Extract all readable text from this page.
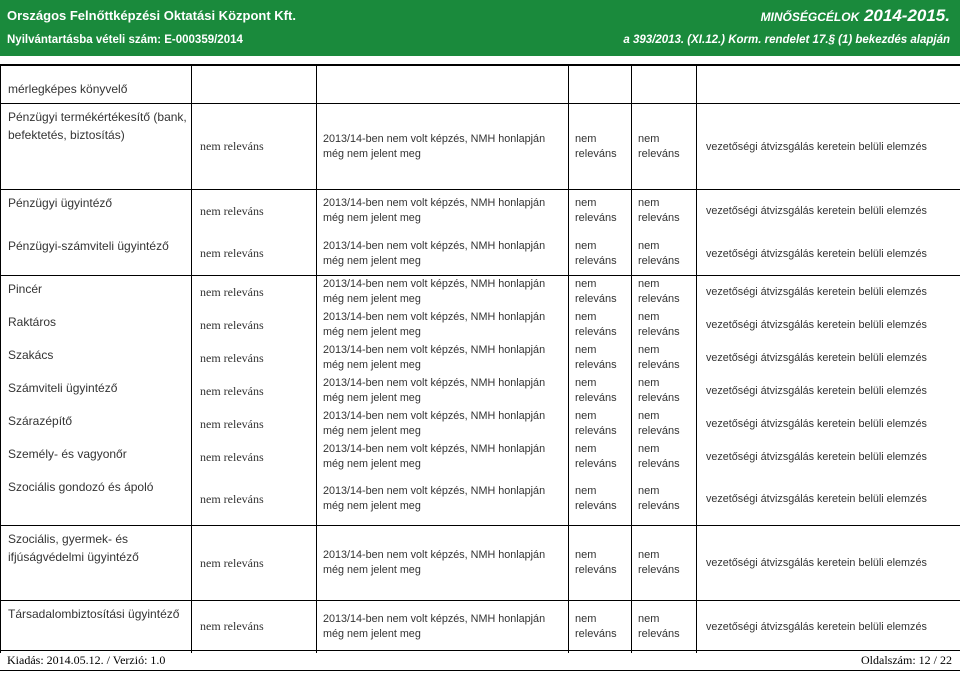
Országos Felnőttképzési Oktatási Központ Kft.
Nyilvántartásba vételi szám: E-000359/2014
MINŐSÉGCÉLOK 2014-2015.
a 393/2013. (XI.12.) Korm. rendelet 17.§ (1) bekezdés alapján
mérlegképes könyvelő					
Pénzügyi termékértékesítő (bank, befektetés, biztosítás)	nem releváns	2013/14-ben nem volt képzés, NMH honlapján még nem jelent meg	nem releváns	nem releváns	vezetőségi átvizsgálás keretein belüli elemzés
Pénzügyi ügyintéző	nem releváns	2013/14-ben nem volt képzés, NMH honlapján még nem jelent meg	nem releváns	nem releváns	vezetőségi átvizsgálás keretein belüli elemzés
Pénzügyi-számviteli ügyintéző	nem releváns	2013/14-ben nem volt képzés, NMH honlapján még nem jelent meg	nem releváns	nem releváns	vezetőségi átvizsgálás keretein belüli elemzés
Pincér	nem releváns	2013/14-ben nem volt képzés, NMH honlapján még nem jelent meg	nem releváns	nem releváns	vezetőségi átvizsgálás keretein belüli elemzés
Raktáros	nem releváns	2013/14-ben nem volt képzés, NMH honlapján még nem jelent meg	nem releváns	nem releváns	vezetőségi átvizsgálás keretein belüli elemzés
Szakács	nem releváns	2013/14-ben nem volt képzés, NMH honlapján még nem jelent meg	nem releváns	nem releváns	vezetőségi átvizsgálás keretein belüli elemzés
Számviteli ügyintéző	nem releváns	2013/14-ben nem volt képzés, NMH honlapján még nem jelent meg	nem releváns	nem releváns	vezetőségi átvizsgálás keretein belüli elemzés
Szárazépítő	nem releváns	2013/14-ben nem volt képzés, NMH honlapján még nem jelent meg	nem releváns	nem releváns	vezetőségi átvizsgálás keretein belüli elemzés
Személy- és vagyonőr	nem releváns	2013/14-ben nem volt képzés, NMH honlapján még nem jelent meg	nem releváns	nem releváns	vezetőségi átvizsgálás keretein belüli elemzés
Szociális gondozó és ápoló	nem releváns	2013/14-ben nem volt képzés, NMH honlapján még nem jelent meg	nem releváns	nem releváns	vezetőségi átvizsgálás keretein belüli elemzés
Szociális, gyermek- és ifjúságvédelmi ügyintéző	nem releváns	2013/14-ben nem volt képzés, NMH honlapján még nem jelent meg	nem releváns	nem releváns	vezetőségi átvizsgálás keretein belüli elemzés
Társadalombiztosítási ügyintéző	nem releváns	2013/14-ben nem volt képzés, NMH honlapján még nem jelent meg	nem releváns	nem releváns	vezetőségi átvizsgálás keretein belüli elemzés
Kiadás: 2014.05.12. / Verzió: 1.0	Oldalszám: 12 / 22
